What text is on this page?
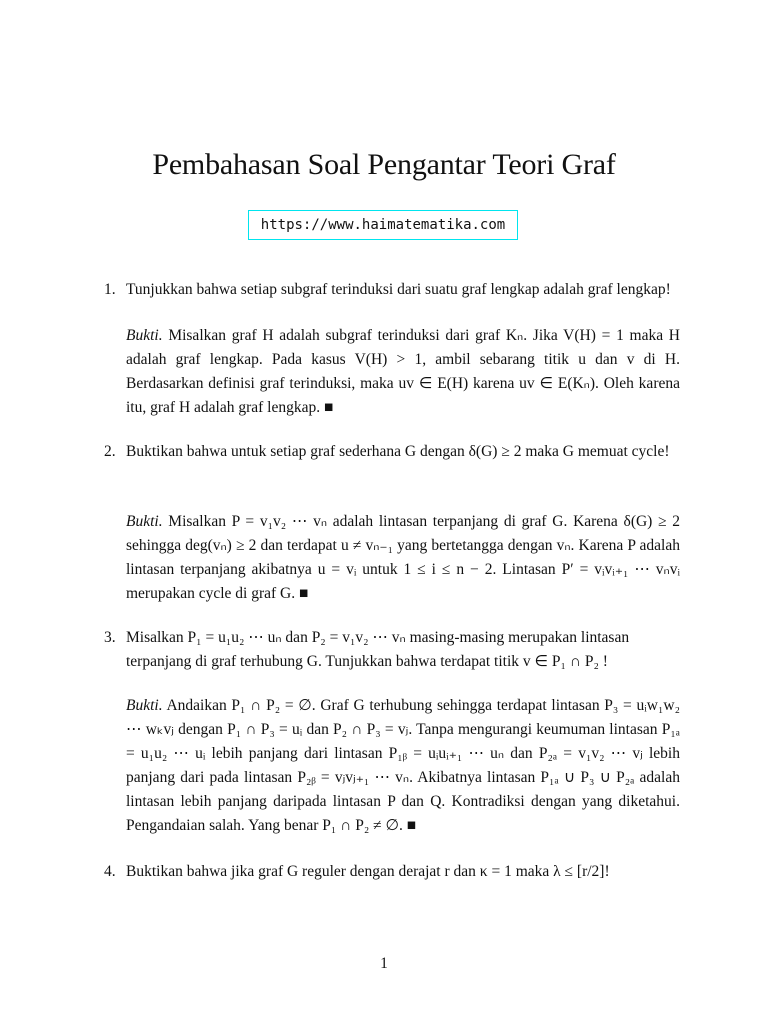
Pembahasan Soal Pengantar Teori Graf
https://www.haimatematika.com
1. Tunjukkan bahwa setiap subgraf terinduksi dari suatu graf lengkap adalah graf lengkap!
Bukti. Misalkan graf H adalah subgraf terinduksi dari graf Kₙ. Jika V(H) = 1 maka H adalah graf lengkap. Pada kasus V(H) > 1, ambil sebarang titik u dan v di H. Berdasarkan definisi graf terinduksi, maka uv ∈ E(H) karena uv ∈ E(Kₙ). Oleh karena itu, graf H adalah graf lengkap. ■
2. Buktikan bahwa untuk setiap graf sederhana G dengan δ(G) ≥ 2 maka G memuat cycle!
Bukti. Misalkan P = v₁v₂ ⋯ vₙ adalah lintasan terpanjang di graf G. Karena δ(G) ≥ 2 sehingga deg(vₙ) ≥ 2 dan terdapat u ≠ vₙ₋₁ yang bertetangga dengan vₙ. Karena P adalah lintasan terpanjang akibatnya u = vᵢ untuk 1 ≤ i ≤ n − 2. Lintasan P′ = vᵢvᵢ₊₁ ⋯ vₙvᵢ merupakan cycle di graf G. ■
3. Misalkan P₁ = u₁u₂ ⋯ uₙ dan P₂ = v₁v₂ ⋯ vₙ masing-masing merupakan lintasan terpanjang di graf terhubung G. Tunjukkan bahwa terdapat titik v ∈ P₁ ∩ P₂ !
Bukti. Andaikan P₁ ∩ P₂ = ∅. Graf G terhubung sehingga terdapat lintasan P₃ = uᵢw₁w₂ ⋯ wₖvⱼ dengan P₁ ∩ P₃ = uᵢ dan P₂ ∩ P₃ = vⱼ. Tanpa mengurangi keumuman lintasan P₁ₐ = u₁u₂ ⋯ uᵢ lebih panjang dari lintasan P₁ᵦ = uᵢuᵢ₊₁ ⋯ uₙ dan P₂ₐ = v₁v₂ ⋯ vⱼ lebih panjang dari pada lintasan P₂ᵦ = vⱼvⱼ₊₁ ⋯ vₙ. Akibatnya lintasan P₁ₐ ∪ P₃ ∪ P₂ₐ adalah lintasan lebih panjang daripada lintasan P dan Q. Kontradiksi dengan yang diketahui. Pengandaian salah. Yang benar P₁ ∩ P₂ ≠ ∅. ■
4. Buktikan bahwa jika graf G reguler dengan derajat r dan κ = 1 maka λ ≤ [r/2]!
1
